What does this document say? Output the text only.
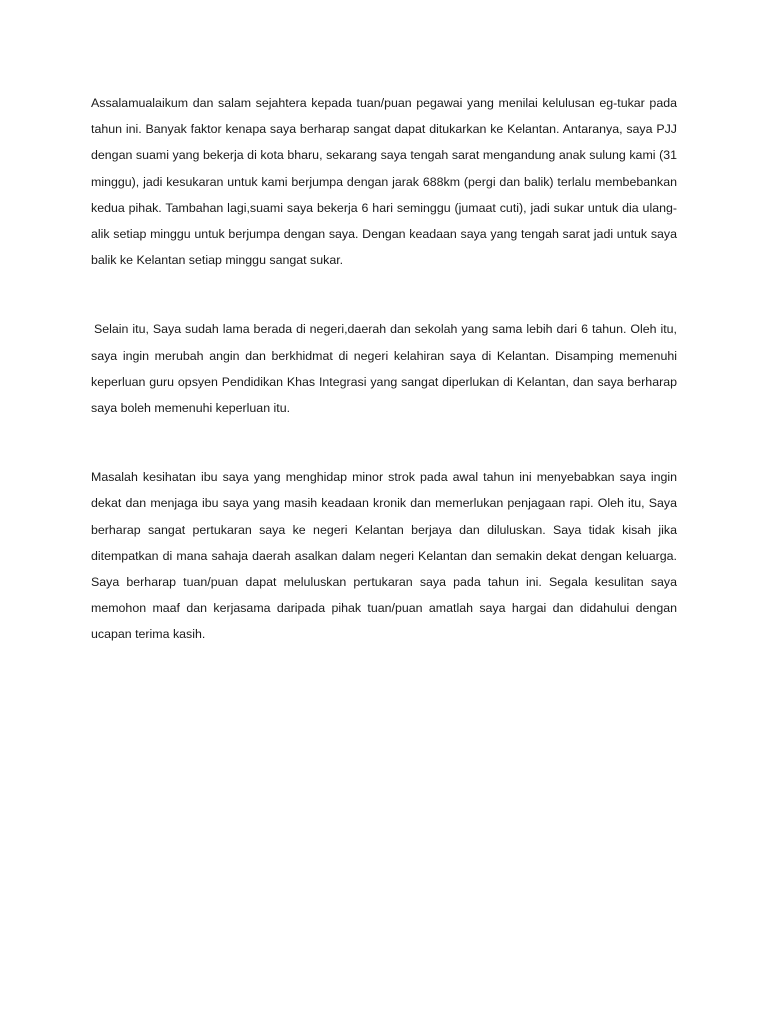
Assalamualaikum dan salam sejahtera kepada tuan/puan pegawai yang menilai kelulusan eg-tukar pada tahun ini. Banyak faktor kenapa saya berharap sangat dapat ditukarkan ke Kelantan. Antaranya, saya PJJ dengan suami yang bekerja di kota bharu, sekarang saya tengah sarat mengandung anak sulung kami (31 minggu), jadi kesukaran untuk kami berjumpa dengan jarak 688km (pergi dan balik) terlalu membebankan kedua pihak. Tambahan lagi,suami saya bekerja 6 hari seminggu (jumaat cuti), jadi sukar untuk dia ulang-alik setiap minggu untuk berjumpa dengan saya. Dengan keadaan saya yang tengah sarat jadi untuk saya balik ke Kelantan setiap minggu sangat sukar.

Selain itu, Saya sudah lama berada di negeri,daerah dan sekolah yang sama lebih dari 6 tahun. Oleh itu, saya ingin merubah angin dan berkhidmat di negeri kelahiran saya di Kelantan. Disamping memenuhi keperluan guru opsyen Pendidikan Khas Integrasi yang sangat diperlukan di Kelantan, dan saya berharap saya boleh memenuhi keperluan itu.

Masalah kesihatan ibu saya yang menghidap minor strok pada awal tahun ini menyebabkan saya ingin dekat dan menjaga ibu saya yang masih keadaan kronik dan memerlukan penjagaan rapi. Oleh itu, Saya berharap sangat pertukaran saya ke negeri Kelantan berjaya dan diluluskan. Saya tidak kisah jika ditempatkan di mana sahaja daerah asalkan dalam negeri Kelantan dan semakin dekat dengan keluarga. Saya berharap tuan/puan dapat meluluskan pertukaran saya pada tahun ini. Segala kesulitan saya memohon maaf dan kerjasama daripada pihak tuan/puan amatlah saya hargai dan didahului dengan ucapan terima kasih.
